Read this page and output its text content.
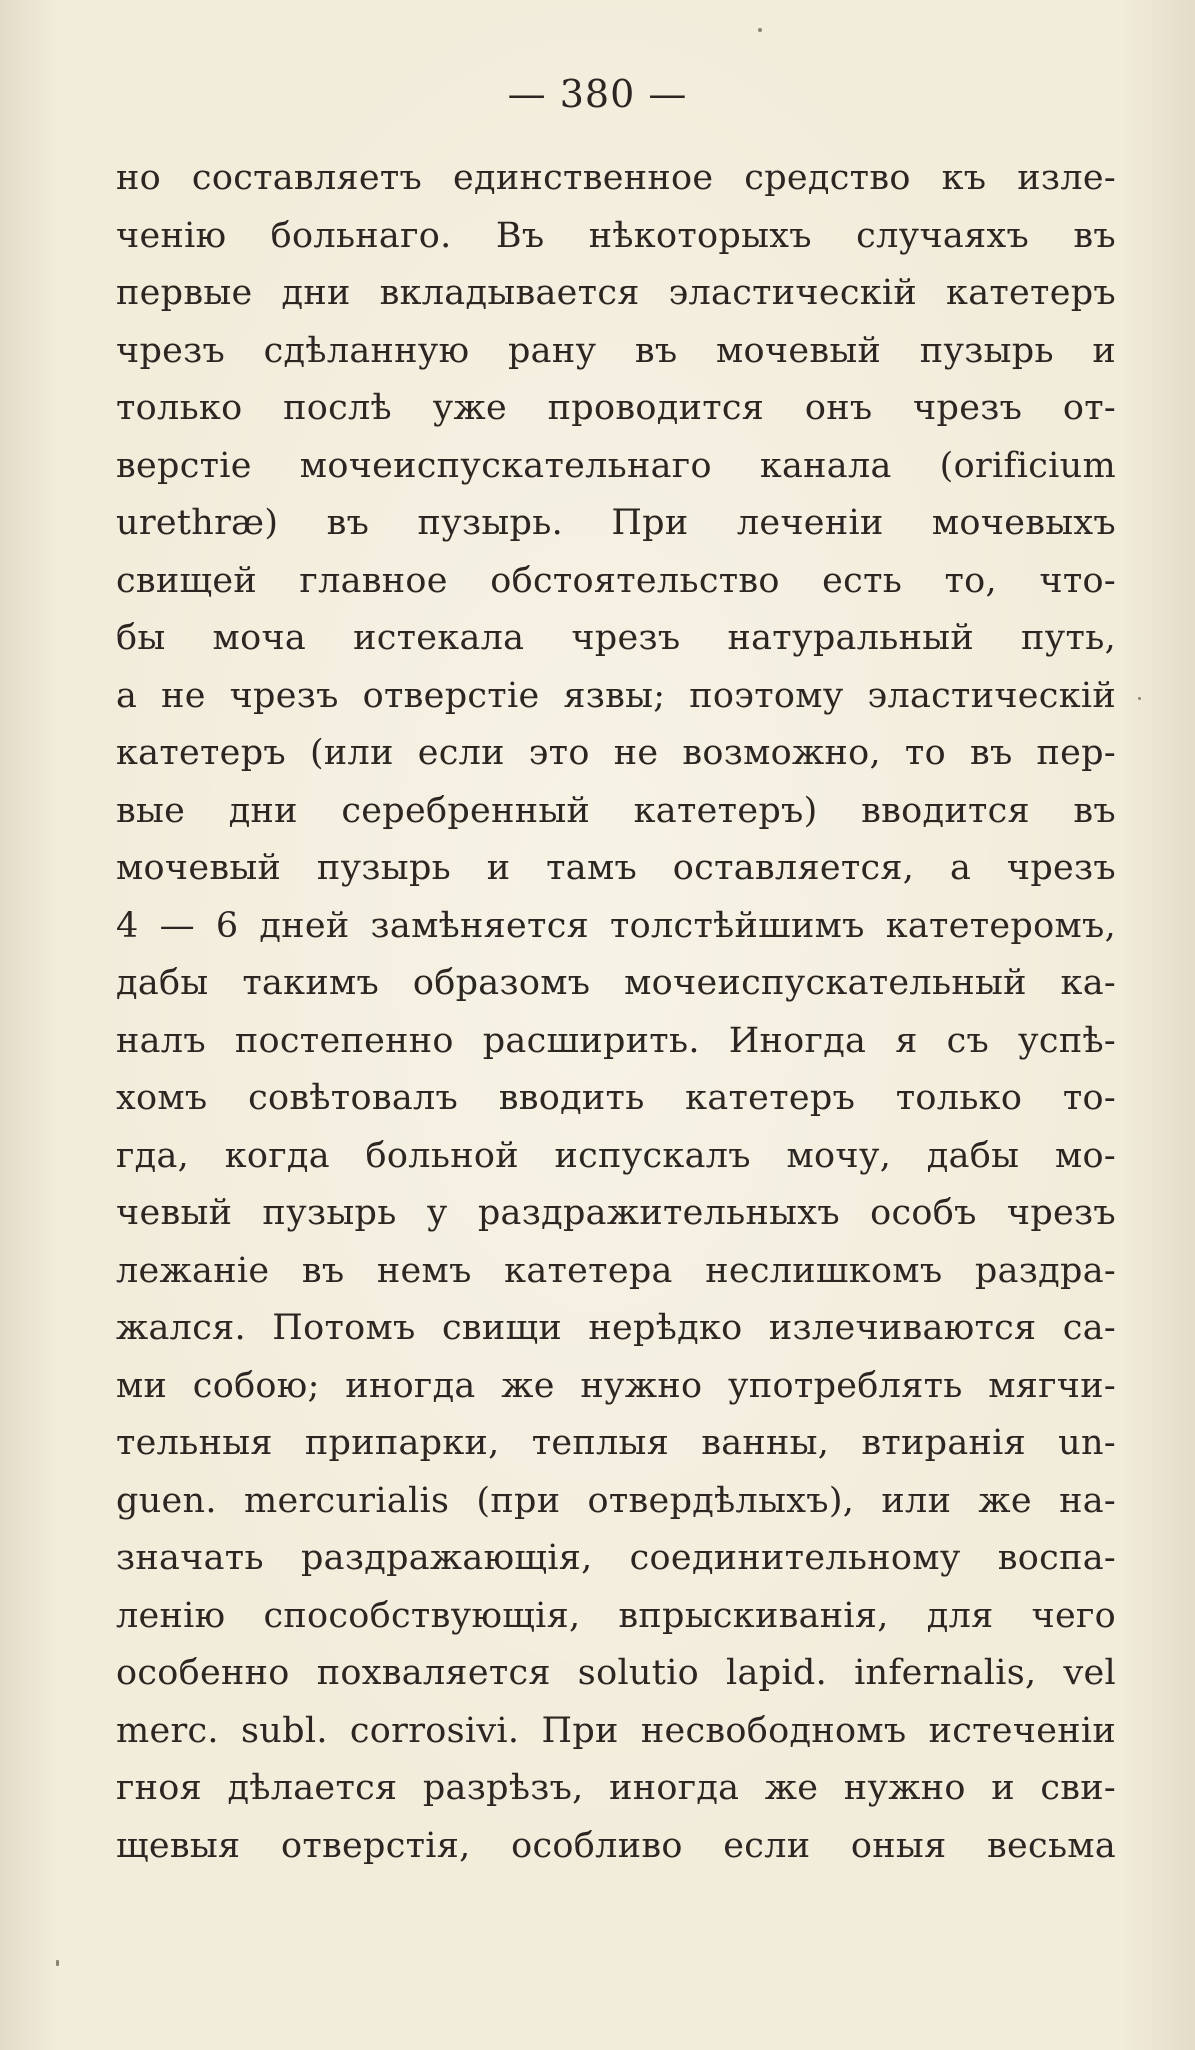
— 380 —
но составляетъ единственное средство къ изле-
ченію больнаго. Въ нѣкоторыхъ случаяхъ въ
первые дни вкладывается эластическій катетеръ
чрезъ сдѣланную рану въ мочевый пузырь и
только послѣ уже проводится онъ чрезъ от-
верстіе мочеиспускательнаго канала (orificium
urethræ) въ пузырь. При леченіи мочевыхъ
свищей главное обстоятельство есть то, что-
бы моча истекала чрезъ натуральный путь,
а не чрезъ отверстіе язвы; поэтому эластическій
катетеръ (или если это не возможно, то въ пер-
вые дни серебренный катетеръ) вводится въ
мочевый пузырь и тамъ оставляется, а чрезъ
4 — 6 дней замѣняется толстѣйшимъ катетеромъ,
дабы такимъ образомъ мочеиспускательный ка-
налъ постепенно расширить. Иногда я съ успѣ-
хомъ совѣтовалъ вводить катетеръ только то-
гда, когда больной испускалъ мочу, дабы мо-
чевый пузырь у раздражительныхъ особъ чрезъ
лежаніе въ немъ катетера неслишкомъ раздра-
жался. Потомъ свищи нерѣдко излечиваются са-
ми собою; иногда же нужно употреблять мягчи-
тельныя припарки, теплыя ванны, втиранія un-
guen. mercurialis (при отвердѣлыхъ), или же на-
значать раздражающія, соединительному воспа-
ленію способствующія, впрыскиванія, для чего
особенно похваляется solutio lapid. infernalis, vel
merc. subl. corrosivi. При несвободномъ истеченіи
гноя дѣлается разрѣзъ, иногда же нужно и сви-
щевыя отверстія, особливо если оныя весьма
